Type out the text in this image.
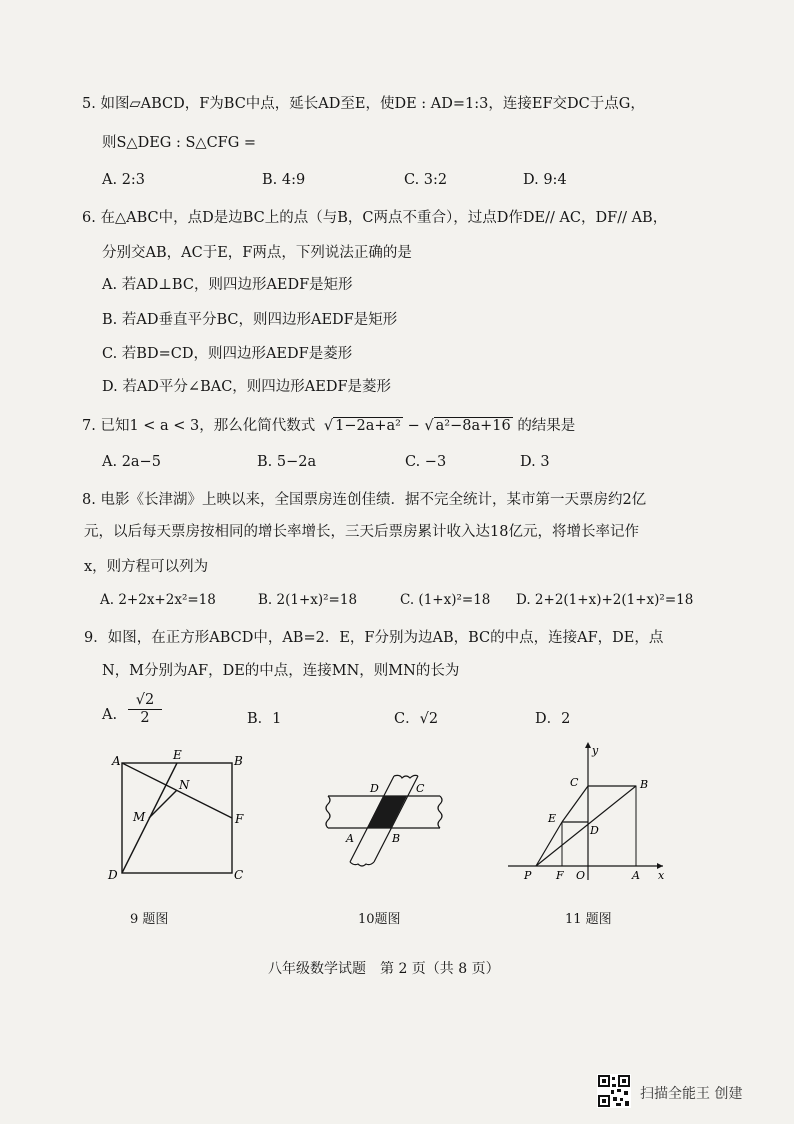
5. 如图▱ABCD，F为BC中点，延长AD至E，使DE : AD=1:3，连接EF交DC于点G，
则S△DEG : S△CFG =
A. 2:3	B. 4:9	C. 3:2	D. 9:4
6. 在△ABC中，点D是边BC上的点（与B，C两点不重合），过点D作DE// AC，DF// AB，
分别交AB，AC于E，F两点，下列说法正确的是
A. 若AD⊥BC，则四边形AEDF是矩形
B. 若AD垂直平分BC，则四边形AEDF是矩形
C. 若BD=CD，则四边形AEDF是菱形
D. 若AD平分∠BAC，则四边形AEDF是菱形
7. 已知1 < a < 3，那么化简代数式 √ 1−2a+a² − √ a²−8a+16 的结果是
A. 2a−5	B. 5−2a	C. −3	D. 3
8. 电影《长津湖》上映以来，全国票房连创佳绩．据不完全统计，某市第一天票房约2亿
元，以后每天票房按相同的增长率增长，三天后票房累计收入达18亿元，将增长率记作
x，则方程可以列为
A. 2+2x+2x²=18	B. 2(1+x)²=18	C. (1+x)²=18 D. 2+2(1+x)+2(1+x)²=18
9．如图，在正方形ABCD中，AB=2．E，F分别为边AB，BC的中点，连接AF，DE，点
N，M分别为AF，DE的中点，连接MN，则MN的长为
A. $\frac{√2}{2}$	B．1	C．√2	D．2
A	E	B
N
M	F
D	C
9 题图
D	C
A	B
10题图
y
C	B
E
D
P F O	A x
11 题图
八年级数学试题　第 2 页（共 8 页）
扫描全能王 创建
